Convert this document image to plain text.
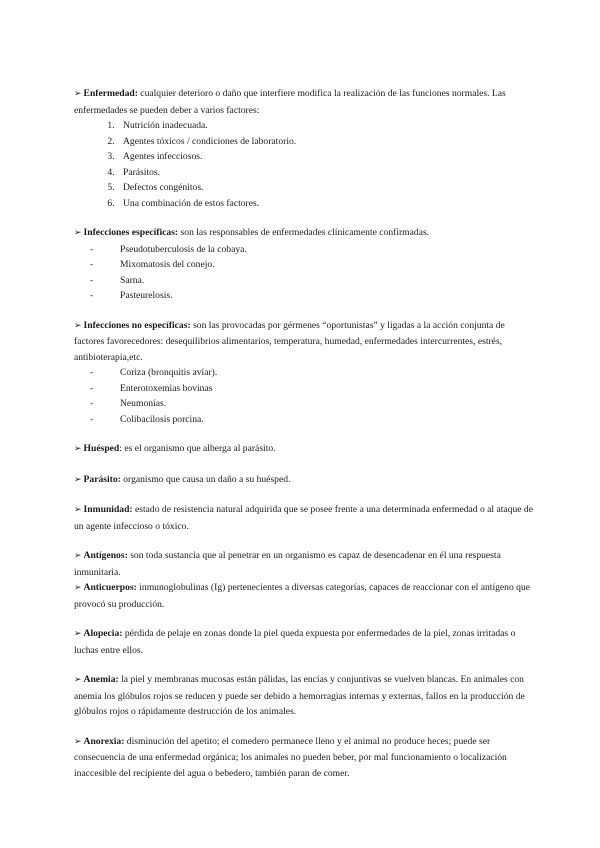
➢ Enfermedad: cualquier deterioro o daño que interfiere modifica la realización de las funciones normales. Las enfermedades se pueden deber a varios factores:

1. Nutrición inadecuada.
2. Agentes tóxicos / condiciones de laboratorio.
3. Agentes infecciosos.
4. Parásitos.
5. Defectos congénitos.
6. Una combinación de estos factores.

➢ Infecciones específicas: son las responsables de enfermedades clínicamente confirmadas.

- Pseudotuberculosis de la cobaya.
- Mixomatosis del conejo.
- Sarna.
- Pasteurelosis.

➢ Infecciones no específicas: son las provocadas por gérmenes “oportunistas” y ligadas a la acción conjunta de factores favorecedores: desequilibrios alimentarios, temperatura, humedad, enfermedades intercurrentes, estrés, antibioterapia,etc.

- Coriza (bronquitis aviar).
- Enterotoxemias bovinas
- Neumonías.
- Colibacilosis porcina.

➢ Huésped: es el organismo que alberga al parásito.

➢ Parásito: organismo que causa un daño a su huésped.

➢ Inmunidad: estado de resistencia natural adquirida que se posee frente a una determinada enfermedad o al ataque de un agente infeccioso o tóxico.

➢ Antígenos: son toda sustancia que al penetrar en un organismo es capaz de desencadenar en él una respuesta inmunitaria.

➢ Anticuerpos: inmunoglobulinas (Ig) pertenecientes a diversas categorías, capaces de reaccionar con el antígeno que provocó su producción.

➢ Alopecia: pérdida de pelaje en zonas donde la piel queda expuesta por enfermedades de la piel, zonas irritadas o luchas entre ellos.

➢ Anemia: la piel y membranas mucosas están pálidas, las encías y conjuntivas se vuelven blancas. En animales con anemia los glóbulos rojos se reducen y puede ser debido a hemorragias internas y externas, fallos en la producción de glóbulos rojos o rápidamente destrucción de los animales.

➢ Anorexia: disminución del apetito; el comedero permanece lleno y el animal no produce heces; puede ser consecuencia de una enfermedad orgánica; los animales no pueden beber, por mal funcionamiento o localización inaccesible del recipiente del agua o bebedero, también paran de comer.
